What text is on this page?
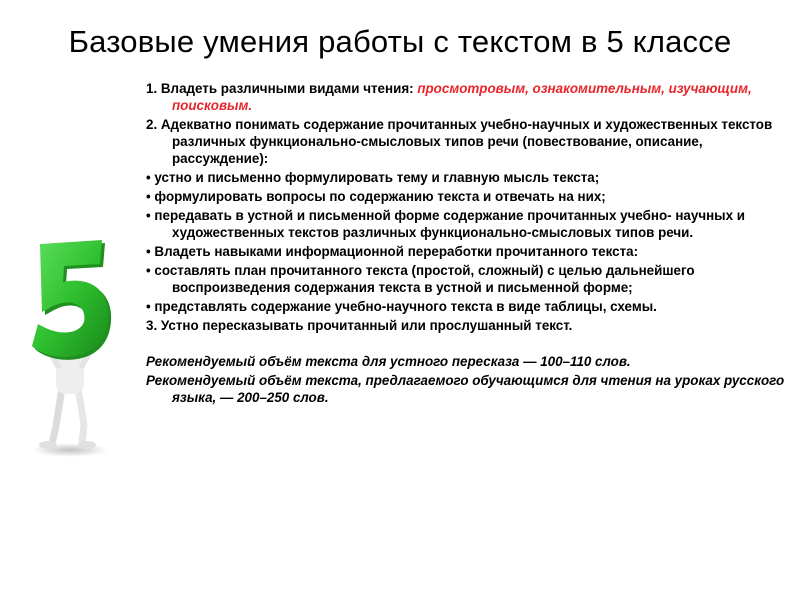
Базовые умения работы с текстом в 5 классе

1. Владеть различными видами чтения: просмотровым, ознакомительным, изучающим, поисковым.

2. Адекватно понимать содержание прочитанных учебно-научных и художественных текстов различных функционально-смысловых типов речи (повествование, описание, рассуждение):

• устно и письменно формулировать тему и главную мысль текста;

• формулировать вопросы по содержанию текста и отвечать на них;

• передавать в устной и письменной форме содержание прочитанных учебно- научных и художественных текстов различных функционально-смысловых типов речи.

• Владеть навыками информационной переработки прочитанного текста:

• составлять план прочитанного текста (простой, сложный) с целью дальнейшего воспроизведения содержания текста в устной и письменной форме;

• представлять содержание учебно-научного текста в виде таблицы, схемы.

3. Устно пересказывать прочитанный или прослушанный текст.

Рекомендуемый объём текста для устного пересказа — 100–110 слов.

Рекомендуемый объём текста, предлагаемого обучающимся для чтения на уроках русского языка, — 200–250 слов.
